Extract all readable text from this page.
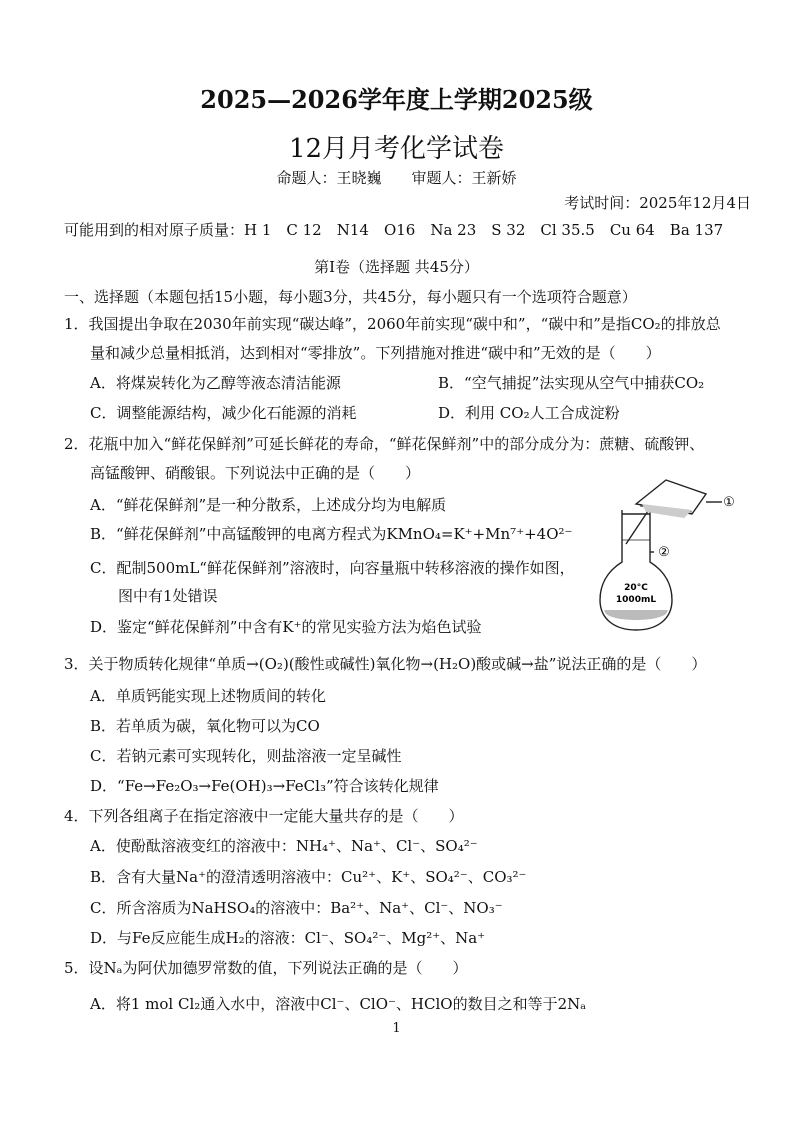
2025—2026学年度上学期2025级
12月月考化学试卷
命题人：王晓巍　　审题人：王新娇
考试时间：2025年12月4日
可能用到的相对原子质量：H 1　C 12　N14　O16　Na 23　S 32　Cl 35.5　Cu 64　Ba 137
第Ⅰ卷（选择题 共45分）
一、选择题（本题包括15小题，每小题3分，共45分，每小题只有一个选项符合题意）
1．我国提出争取在2030年前实现“碳达峰”，2060年前实现“碳中和”，“碳中和”是指CO₂的排放总
量和减少总量相抵消，达到相对“零排放”。下列措施对推进“碳中和”无效的是（　　）
A．将煤炭转化为乙醇等液态清洁能源	B．“空气捕捉”法实现从空气中捕获CO₂
C．调整能源结构，减少化石能源的消耗	D．利用 CO₂人工合成淀粉
2．花瓶中加入“鲜花保鲜剂”可延长鲜花的寿命，“鲜花保鲜剂”中的部分成分为：蔗糖、硫酸钾、
高锰酸钾、硝酸银。下列说法中正确的是（　　）
A．“鲜花保鲜剂”是一种分散系，上述成分均为电解质
B．“鲜花保鲜剂”中高锰酸钾的电离方程式为KMnO₄=K⁺+Mn⁷⁺+4O²⁻
C．配制500mL“鲜花保鲜剂”溶液时，向容量瓶中转移溶液的操作如图，
图中有1处错误
D．鉴定“鲜花保鲜剂”中含有K⁺的常见实验方法为焰色试验
①
②
20°C
1000mL
3．关于物质转化规律“单质→(O₂)(酸性或碱性)氧化物→(H₂O)酸或碱→盐”说法正确的是（　　）
A．单质钙能实现上述物质间的转化
B．若单质为碳，氧化物可以为CO
C．若钠元素可实现转化，则盐溶液一定呈碱性
D．“Fe→Fe₂O₃→Fe(OH)₃→FeCl₃”符合该转化规律
4．下列各组离子在指定溶液中一定能大量共存的是（　　）
A．使酚酞溶液变红的溶液中：NH₄⁺、Na⁺、Cl⁻、SO₄²⁻
B．含有大量Na⁺的澄清透明溶液中：Cu²⁺、K⁺、SO₄²⁻、CO₃²⁻
C．所含溶质为NaHSO₄的溶液中：Ba²⁺、Na⁺、Cl⁻、NO₃⁻
D．与Fe反应能生成H₂的溶液：Cl⁻、SO₄²⁻、Mg²⁺、Na⁺
5．设Nₐ为阿伏加德罗常数的值，下列说法正确的是（　　）
A．将1 mol Cl₂通入水中，溶液中Cl⁻、ClO⁻、HClO的数目之和等于2Nₐ
1
